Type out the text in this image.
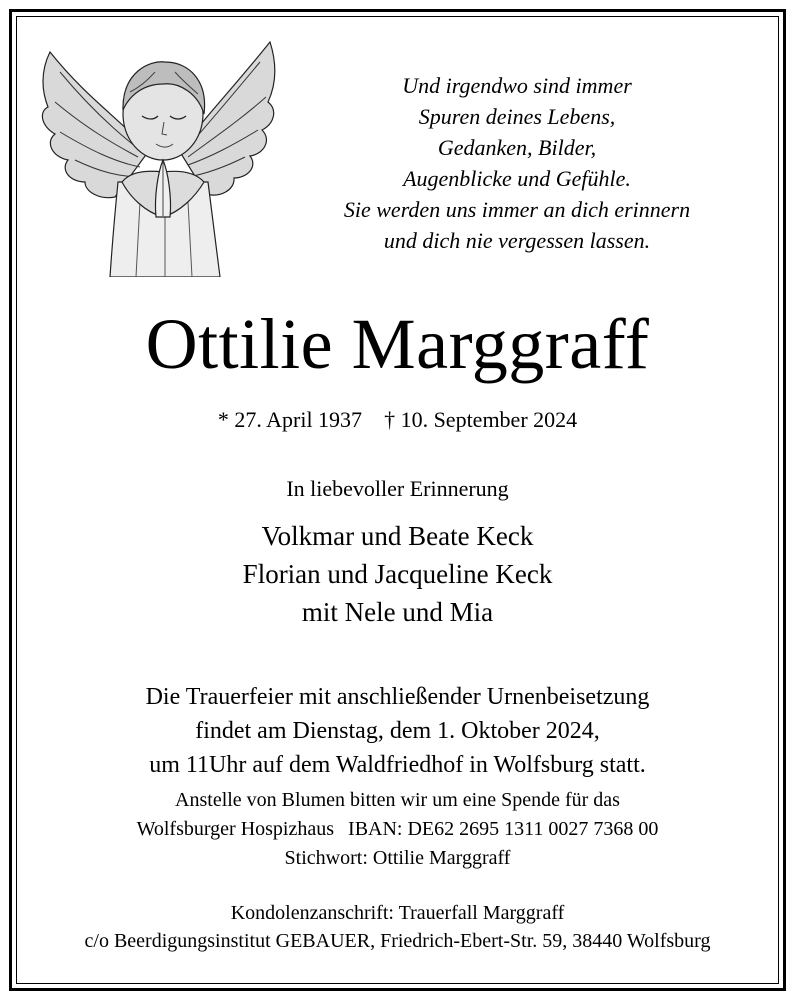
Und irgendwo sind immer
Spuren deines Lebens,
Gedanken, Bilder,
Augenblicke und Gefühle.
Sie werden uns immer an dich erinnern
und dich nie vergessen lassen.
Ottilie Marggraff
* 27. April 1937 † 10. September 2024
In liebevoller Erinnerung
Volkmar und Beate Keck
Florian und Jacqueline Keck
mit Nele und Mia
Die Trauerfeier mit anschließender Urnenbeisetzung
findet am Dienstag, dem 1. Oktober 2024,
um 11Uhr auf dem Waldfriedhof in Wolfsburg statt.
Anstelle von Blumen bitten wir um eine Spende für das
Wolfsburger Hospizhaus IBAN: DE62 2695 1311 0027 7368 00
Stichwort: Ottilie Marggraff
Kondolenzanschrift: Trauerfall Marggraff
c/o Beerdigungsinstitut GEBAUER, Friedrich-Ebert-Str. 59, 38440 Wolfsburg
